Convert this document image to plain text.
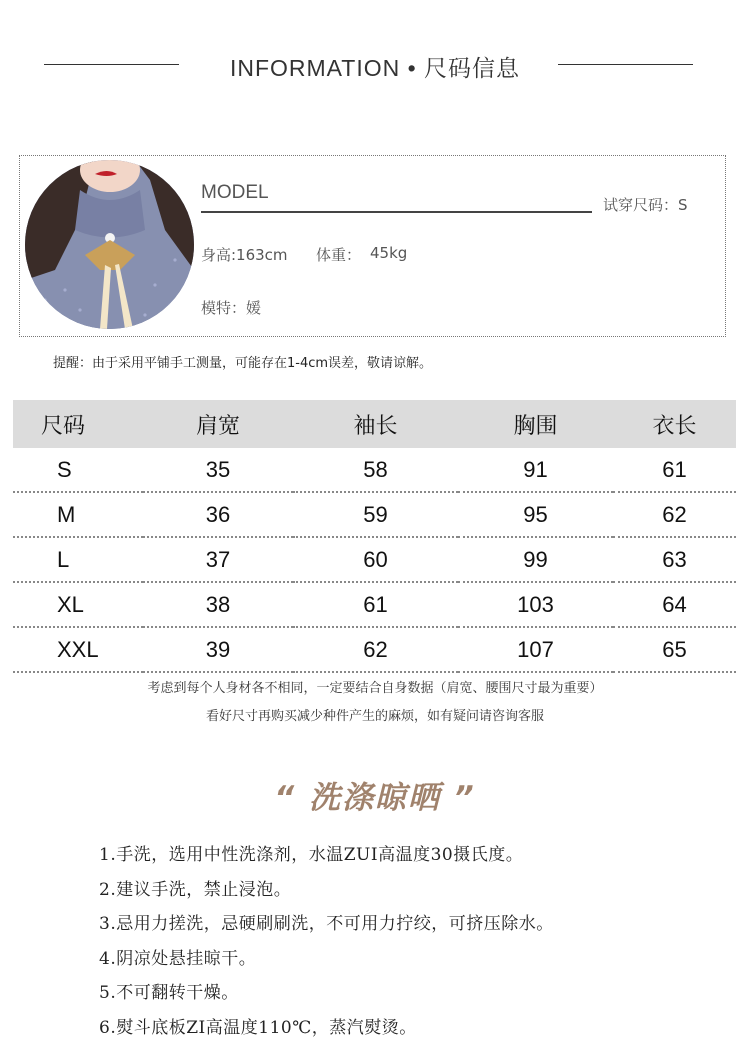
INFORMATION • 尺码信息
MODEL
试穿尺码：S
身高:163cm 体重： 45kg
模特：媛
提醒：由于采用平铺手工测量，可能存在1-4cm误差，敬请谅解。
尺码	肩宽	袖长	胸围	衣长
S	35	58	91	61
M	36	59	95	62
L	37	60	99	63
XL	38	61	103	64
XXL	39	62	107	65
考虑到每个人身材各不相同，一定要结合自身数据（肩宽、腰围尺寸最为重要）
看好尺寸再购买减少种件产生的麻烦，如有疑问请咨询客服
“ 洗涤晾晒 ”
1.手洗，选用中性洗涤剂，水温ZUI高温度30摄氏度。
2.建议手洗，禁止浸泡。
3.忌用力搓洗，忌硬刷刷洗，不可用力拧绞，可挤压除水。
4.阴凉处悬挂晾干。
5.不可翻转干燥。
6.熨斗底板ZI高温度110℃，蒸汽熨烫。
